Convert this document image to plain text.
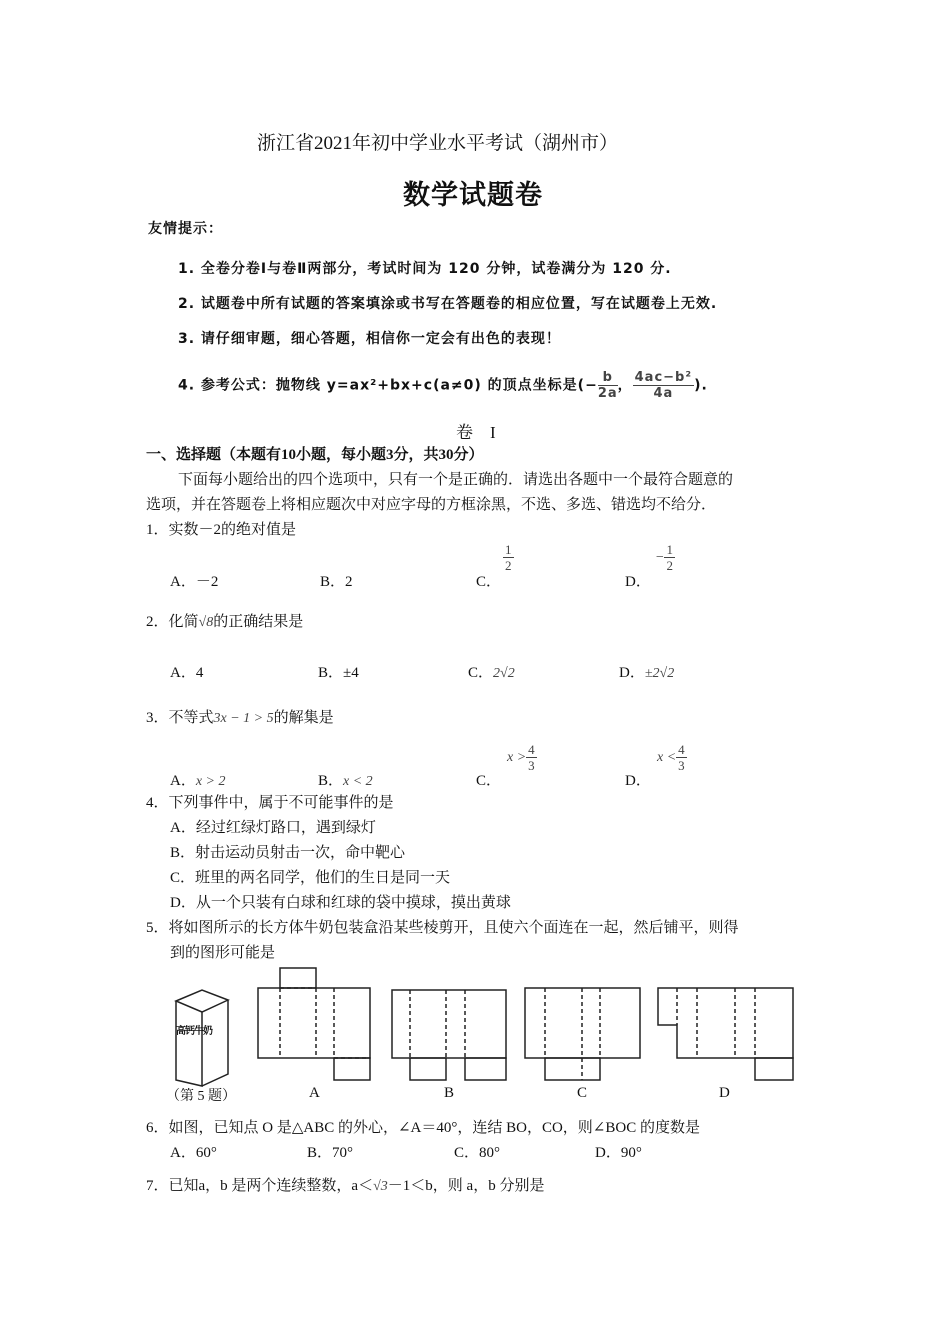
浙江省2021年初中学业水平考试（湖州市）
数学试题卷
友情提示：
1. 全卷分卷Ⅰ与卷Ⅱ两部分，考试时间为 120 分钟，试卷满分为 120 分.
2. 试题卷中所有试题的答案填涂或书写在答题卷的相应位置，写在试题卷上无效.
3. 请仔细审题，细心答题，相信你一定会有出色的表现！
4. 参考公式：抛物线 y=ax²+bx+c(a≠0) 的顶点坐标是(− $\frac{b}{2a}$ ， $\frac{\text{4ac−b²}}{4a}$ ).
卷　I
一、选择题（本题有10小题，每小题3分，共30分）
下面每小题给出的四个选项中，只有一个是正确的．请选出各题中一个最符合题意的
选项，并在答题卷上将相应题次中对应字母的方框涂黑，不选、多选、错选均不给分．
1．实数－2的绝对值是
A．－2	B．2	C．
$\frac{1}{2}$
D．
− $\frac{1}{2}$
2．化简√8的正确结果是
A．4	B．±4	C．2√2	D．±2√2
3．不等式3x − 1 > 5的解集是
A．x > 2	B．x < 2	C．
$x > \frac{4}{3}$
D．
$x < \frac{4}{3}$
4．下列事件中，属于不可能事件的是
A．经过红绿灯路口，遇到绿灯
B．射击运动员射击一次，命中靶心
C．班里的两名同学，他们的生日是同一天
D．从一个只装有白球和红球的袋中摸球，摸出黄球
5．将如图所示的长方体牛奶包装盒沿某些棱剪开，且使六个面连在一起，然后铺平，则得
到的图形可能是
高钙牛奶
（第 5 题）	A	B	C	D
6．如图，已知点 O 是△ABC 的外心，∠A＝40°，连结 BO，CO，则∠BOC 的度数是
A．60°	B．70°	C．80°	D．90°
7．已知a，b 是两个连续整数，a＜√3－1＜b，则 a，b 分别是
